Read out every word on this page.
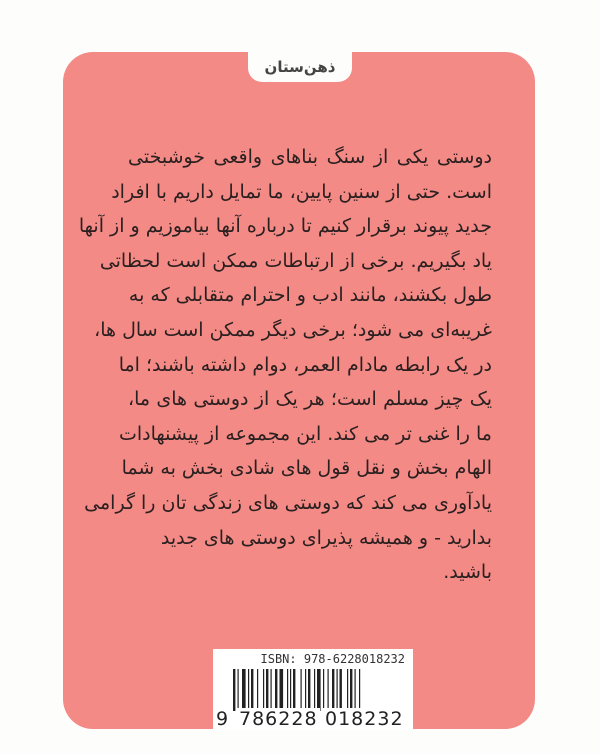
ذهن‌ستان
دوستی یکی از سنگ بناهای واقعی خوشبختی
است. حتی از سنین پایین، ما تمایل داریم با افراد
جدید پیوند برقرار کنیم تا درباره آنها بیاموزیم و از آنها
یاد بگیریم. برخی از ارتباطات ممکن است لحظاتی
طول بکشند، مانند ادب و احترام متقابلی که به
غریبه‌ای می شود؛ برخی دیگر ممکن است سال ها،
در یک رابطه مادام العمر، دوام داشته باشند؛ اما
یک چیز مسلم است؛ هر یک از دوستی های ما،
ما را غنی تر می کند. این مجموعه از پیشنهادات
الهام بخش و نقل قول های شادی بخش به شما
یادآوری می کند که دوستی های زندگی تان را گرامی
بدارید - و همیشه پذیرای دوستی های جدید
باشید.
ISBN: 978-6228018232
9 786228 018232
